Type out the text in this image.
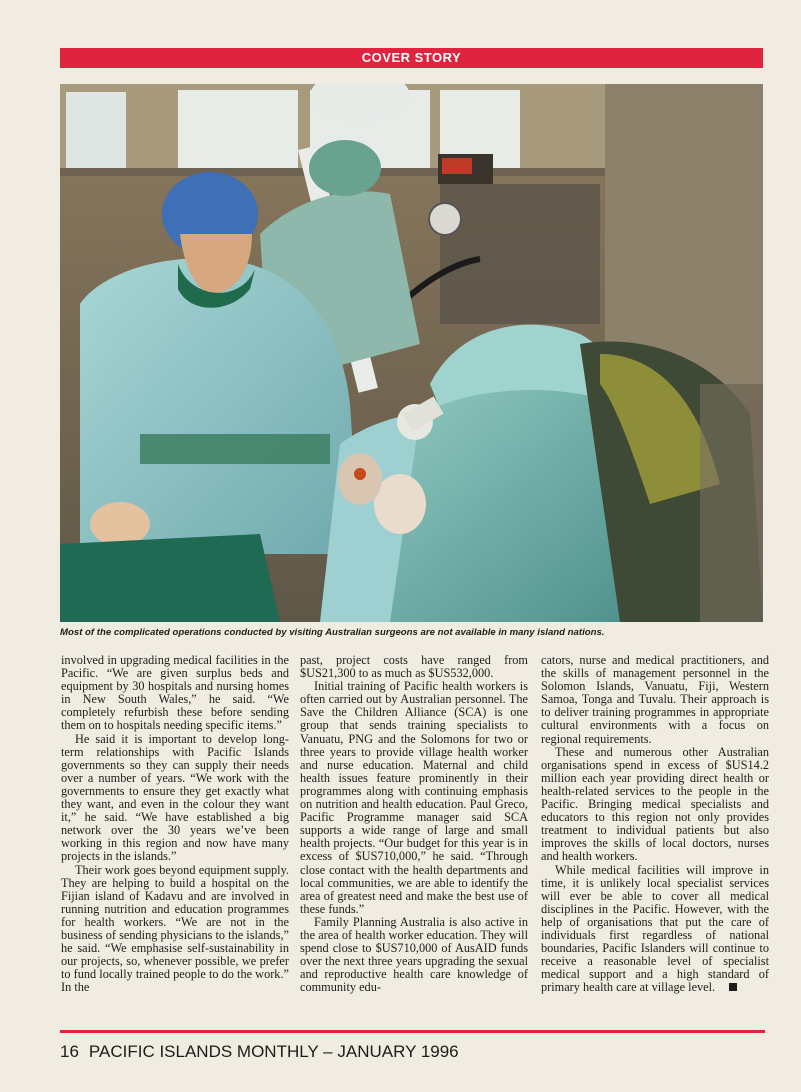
COVER STORY
Most of the complicated operations conducted by visiting Australian surgeons are not available in many island nations.

involved in upgrading medical facilities in the Pacific. “We are given surplus beds and equipment by 30 hospitals and nursing homes in New South Wales,” he said. “We completely refurbish these before sending them on to hospitals needing specific items.”

He said it is important to develop long-term relationships with Pacific Islands governments so they can supply their needs over a number of years. “We work with the governments to ensure they get exactly what they want, and even in the colour they want it,” he said. “We have established a big network over the 30 years we’ve been working in this region and now have many projects in the islands.”

Their work goes beyond equipment supply. They are helping to build a hospital on the Fijian island of Kadavu and are involved in running nutrition and education programmes for health workers. “We are not in the business of sending physicians to the islands,” he said. “We emphasise self-sustainability in our projects, so, whenever possible, we prefer to fund locally trained people to do the work.” In the

past, project costs have ranged from $US21,300 to as much as $US532,000.

Initial training of Pacific health workers is often carried out by Australian personnel. The Save the Children Alliance (SCA) is one group that sends training specialists to Vanuatu, PNG and the Solomons for two or three years to provide village health worker and nurse education. Maternal and child health issues feature prominently in their programmes along with continuing emphasis on nutrition and health education. Paul Greco, Pacific Programme manager said SCA supports a wide range of large and small health projects. “Our budget for this year is in excess of $US710,000,” he said. “Through close contact with the health departments and local communities, we are able to identify the area of greatest need and make the best use of these funds.”

Family Planning Australia is also active in the area of health worker education. They will spend close to $US710,000 of AusAID funds over the next three years upgrading the sexual and reproductive health care knowledge of community edu-

cators, nurse and medical practitioners, and the skills of management personnel in the Solomon Islands, Vanuatu, Fiji, Western Samoa, Tonga and Tuvalu. Their approach is to deliver training programmes in appropriate cultural environments with a focus on regional requirements.

These and numerous other Australian organisations spend in excess of $US14.2 million each year providing direct health or health-related services to the people in the Pacific. Bringing medical specialists and educators to this region not only provides treatment to individual patients but also improves the skills of local doctors, nurses and health workers.

While medical facilities will improve in time, it is unlikely local specialist services will ever be able to cover all medical disciplines in the Pacific. However, with the help of organisations that put the care of individuals first regardless of national boundaries, Pacific Islanders will continue to receive a reasonable level of specialist medical support and a high standard of primary health care at village level.

16 PACIFIC ISLANDS MONTHLY – JANUARY 1996
